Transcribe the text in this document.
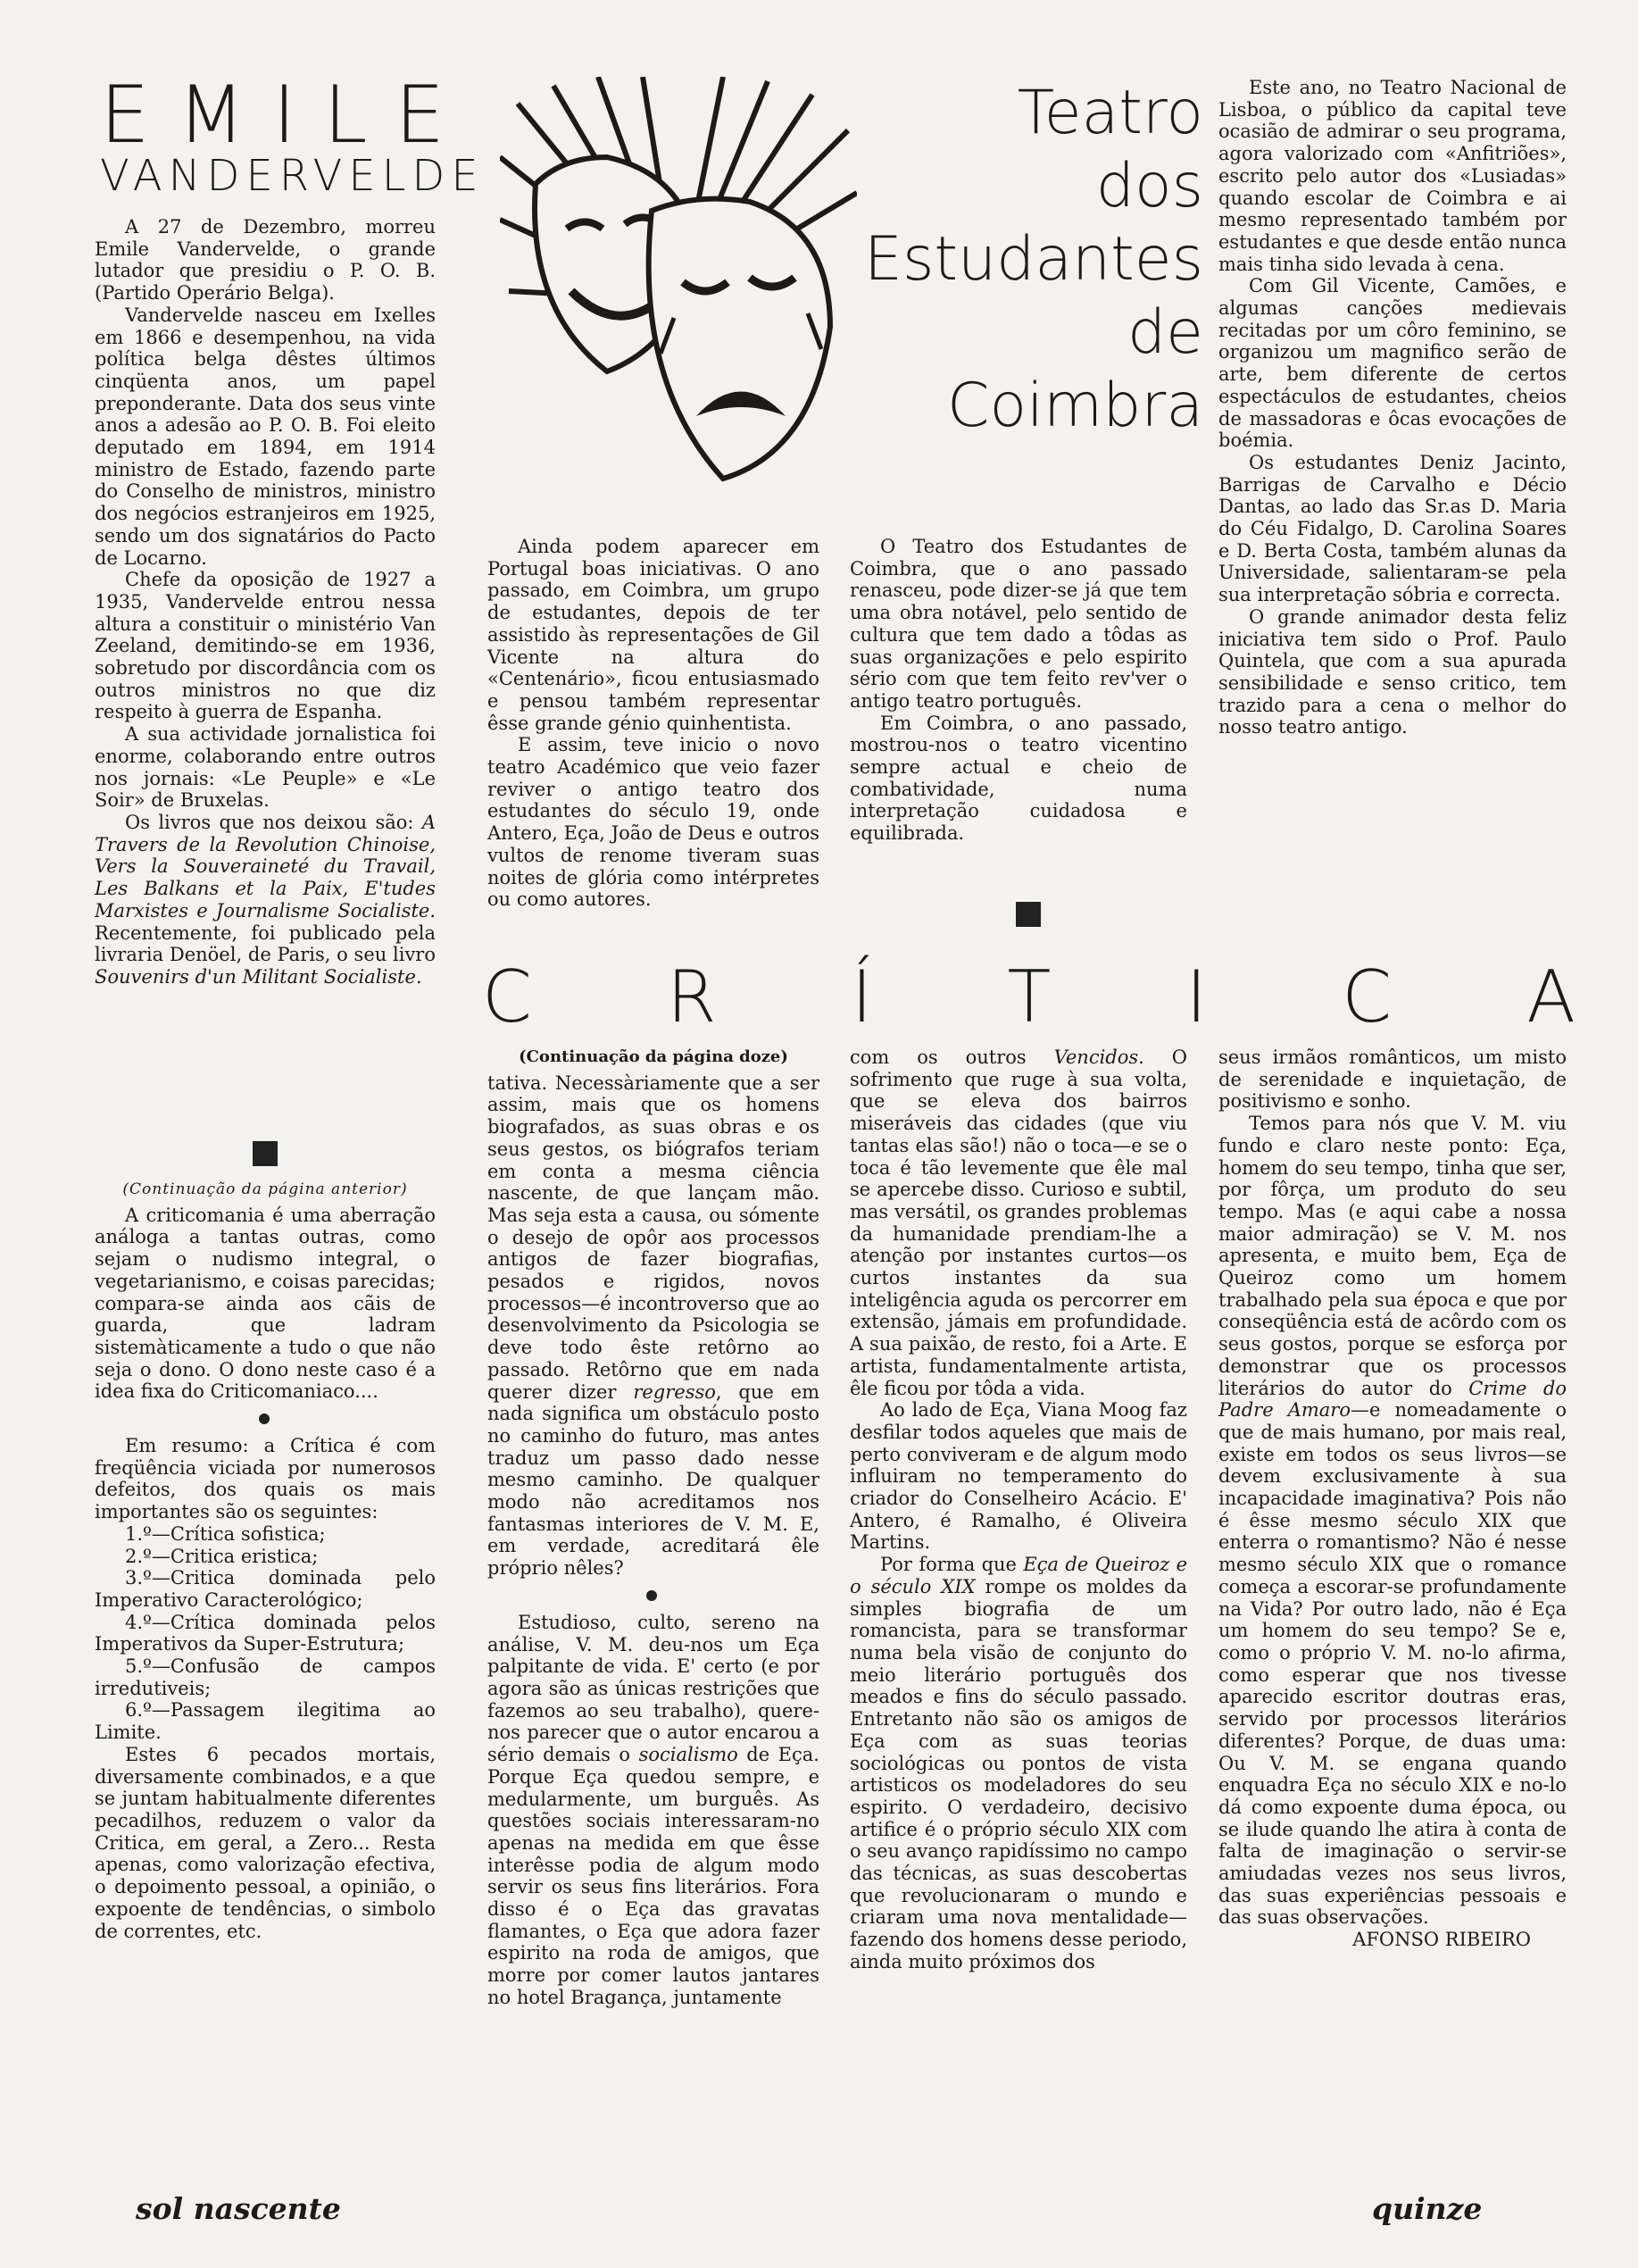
EMILE
VANDERVELDE

A 27 de Dezembro, morreu Emile Vandervelde, o grande lutador que presidiu o P. O. B. (Partido Operário Belga).

Vandervelde nasceu em Ixelles em 1866 e desempenhou, na vida política belga dêstes últimos cinqüenta anos, um papel preponderante. Data dos seus vinte anos a adesão ao P. O. B. Foi eleito deputado em 1894, em 1914 ministro de Estado, fazendo parte do Conselho de ministros, ministro dos negócios estranjeiros em 1925, sendo um dos signatários do Pacto de Locarno.

Chefe da oposição de 1927 a 1935, Vandervelde entrou nessa altura a constituir o ministério Van Zeeland, demitindo-se em 1936, sobretudo por discordância com os outros ministros no que diz respeito à guerra de Espanha.

A sua actividade jornalistica foi enorme, colaborando entre outros nos jornais: «Le Peuple» e «Le Soir» de Bruxelas.

Os livros que nos deixou são: A Travers de la Revolution Chinoise, Vers la Souveraineté du Travail, Les Balkans et la Paix, E'tudes Marxistes e Journalisme Socialiste. Recentemente, foi publicado pela livraria Denöel, de Paris, o seu livro Souvenirs d'un Militant Socialiste.

(Continuação da página anterior)

A criticomania é uma aberração análoga a tantas outras, como sejam o nudismo integral, o vegetarianismo, e coisas parecidas; compara-se ainda aos cãis de guarda, que ladram sistemàticamente a tudo o que não seja o dono. O dono neste caso é a idea fixa do Criticomaniaco....

Em resumo: a Crítica é com freqüência viciada por numerosos defeitos, dos quais os mais importantes são os seguintes:

1.º—Crítica sofistica;

2.º—Critica eristica;

3.º—Critica dominada pelo Imperativo Caracterológico;

4.º—Crítica dominada pelos Imperativos da Super-Estrutura;

5.º—Confusão de campos irredutiveis;

6.º—Passagem ilegitima ao Limite.

Estes 6 pecados mortais, diversamente combinados, e a que se juntam habitualmente diferentes pecadilhos, reduzem o valor da Critica, em geral, a Zero... Resta apenas, como valorização efectiva, o depoimento pessoal, a opinião, o expoente de tendências, o simbolo de correntes, etc.

Teatro
dos
Estudantes
de
Coimbra

Ainda podem aparecer em Portugal boas iniciativas. O ano passado, em Coimbra, um grupo de estudantes, depois de ter assistido às representações de Gil Vicente na altura do «Centenário», ficou entusiasmado e pensou também representar êsse grande génio quinhentista.

E assim, teve inicio o novo teatro Académico que veio fazer reviver o antigo teatro dos estudantes do século 19, onde Antero, Eça, João de Deus e outros vultos de renome tiveram suas noites de glória como intérpretes ou como autores.

O Teatro dos Estudantes de Coimbra, que o ano passado renasceu, pode dizer-se já que tem uma obra notável, pelo sentido de cultura que tem dado a tôdas as suas organizações e pelo espirito sério com que tem feito rev'ver o antigo teatro português.

Em Coimbra, o ano passado, mostrou-nos o teatro vicentino sempre actual e cheio de combatividade, numa interpretação cuidadosa e equilibrada.

Este ano, no Teatro Nacional de Lisboa, o público da capital teve ocasião de admirar o seu programa, agora valorizado com «Anfitriões», escrito pelo autor dos «Lusiadas» quando escolar de Coimbra e ai mesmo representado também por estudantes e que desde então nunca mais tinha sido levada à cena.

Com Gil Vicente, Camões, e algumas canções medievais recitadas por um côro feminino, se organizou um magnifico serão de arte, bem diferente de certos espectáculos de estudantes, cheios de massadoras e ôcas evocações de boémia.

Os estudantes Deniz Jacinto, Barrigas de Carvalho e Décio Dantas, ao lado das Sr.as D. Maria do Céu Fidalgo, D. Carolina Soares e D. Berta Costa, também alunas da Universidade, salientaram-se pela sua interpretação sóbria e correcta.

O grande animador desta feliz iniciativa tem sido o Prof. Paulo Quintela, que com a sua apurada sensibilidade e senso critico, tem trazido para a cena o melhor do nosso teatro antigo.

C R Í T I C A
(Continuação da página doze)

tativa. Necessàriamente que a ser assim, mais que os homens biografados, as suas obras e os seus gestos, os biógrafos teriam em conta a mesma ciência nascente, de que lançam mão. Mas seja esta a causa, ou sómente o desejo de opôr aos processos antigos de fazer biografias, pesados e rigidos, novos processos—é incontroverso que ao desenvolvimento da Psicologia se deve todo êste retôrno ao passado. Retôrno que em nada querer dizer regresso, que em nada significa um obstáculo posto no caminho do futuro, mas antes traduz um passo dado nesse mesmo caminho. De qualquer modo não acreditamos nos fantasmas interiores de V. M. E, em verdade, acreditará êle próprio nêles?

Estudioso, culto, sereno na análise, V. M. deu-nos um Eça palpitante de vida. E' certo (e por agora são as únicas restrições que fazemos ao seu trabalho), quere-nos parecer que o autor encarou a sério demais o socialismo de Eça. Porque Eça quedou sempre, e medularmente, um burguês. As questões sociais interessaram-no apenas na medida em que êsse interêsse podia de algum modo servir os seus fins literários. Fora disso é o Eça das gravatas flamantes, o Eça que adora fazer espirito na roda de amigos, que morre por comer lautos jantares no hotel Bragança, juntamente

com os outros Vencidos. O sofrimento que ruge à sua volta, que se eleva dos bairros miseráveis das cidades (que viu tantas elas são!) não o toca—e se o toca é tão levemente que êle mal se apercebe disso. Curioso e subtil, mas versátil, os grandes problemas da humanidade prendiam-lhe a atenção por instantes curtos—os curtos instantes da sua inteligência aguda os percorrer em extensão, jámais em profundidade. A sua paixão, de resto, foi a Arte. E artista, fundamentalmente artista, êle ficou por tôda a vida.

Ao lado de Eça, Viana Moog faz desfilar todos aqueles que mais de perto conviveram e de algum modo influiram no temperamento do criador do Conselheiro Acácio. E' Antero, é Ramalho, é Oliveira Martins.

Por forma que Eça de Queiroz e o século XIX rompe os moldes da simples biografia de um romancista, para se transformar numa bela visão de conjunto do meio literário português dos meados e fins do século passado. Entretanto não são os amigos de Eça com as suas teorias sociológicas ou pontos de vista artisticos os modeladores do seu espirito. O verdadeiro, decisivo artifice é o próprio século XIX com o seu avanço rapidíssimo no campo das técnicas, as suas descobertas que revolucionaram o mundo e criaram uma nova mentalidade—fazendo dos homens desse periodo, ainda muito próximos dos

seus irmãos românticos, um misto de serenidade e inquietação, de positivismo e sonho.

Temos para nós que V. M. viu fundo e claro neste ponto: Eça, homem do seu tempo, tinha que ser, por fôrça, um produto do seu tempo. Mas (e aqui cabe a nossa maior admiração) se V. M. nos apresenta, e muito bem, Eça de Queiroz como um homem trabalhado pela sua época e que por conseqüência está de acôrdo com os seus gostos, porque se esforça por demonstrar que os processos literários do autor do Crime do Padre Amaro—e nomeadamente o que de mais humano, por mais real, existe em todos os seus livros—se devem exclusivamente à sua incapacidade imaginativa? Pois não é êsse mesmo século XIX que enterra o romantismo? Não é nesse mesmo século XIX que o romance começa a escorar-se profundamente na Vida? Por outro lado, não é Eça um homem do seu tempo? Se e, como o próprio V. M. no-lo afirma, como esperar que nos tivesse aparecido escritor doutras eras, servido por processos literários diferentes? Porque, de duas uma: Ou V. M. se engana quando enquadra Eça no século XIX e no-lo dá como expoente duma época, ou se ilude quando lhe atira à conta de falta de imaginação o servir-se amiudadas vezes nos seus livros, das suas experiências pessoais e das suas observações.

AFONSO RIBEIRO

sol nascente	quinze
